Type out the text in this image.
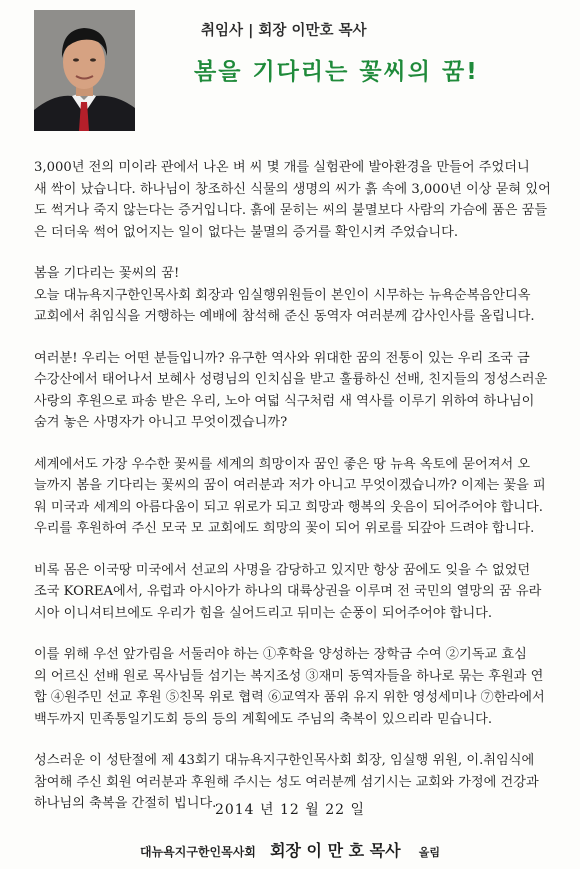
취임사 | 회장 이만호 목사
봄을 기다리는 꽃씨의 꿈!

3,000년 전의 미이라 관에서 나온 벼 씨 몇 개를 실험관에 발아환경을 만들어 주었더니
새 싹이 났습니다. 하나님이 창조하신 식물의 생명의 씨가 흙 속에 3,000년 이상 묻혀 있어
도 썩거나 죽지 않는다는 증거입니다. 흙에 묻히는 씨의 불멸보다 사람의 가슴에 품은 꿈들
은 더더욱 썩어 없어지는 일이 없다는 불멸의 증거를 확인시켜 주었습니다.

봄을 기다리는 꽃씨의 꿈!
오늘 대뉴욕지구한인목사회 회장과 임실행위원들이 본인이 시무하는 뉴욕순복음안디옥
교회에서 취임식을 거행하는 예배에 참석해 준신 동역자 여러분께 감사인사를 올립니다.

여러분! 우리는 어떤 분들입니까? 유구한 역사와 위대한 꿈의 전통이 있는 우리 조국 금
수강산에서 태어나서 보혜사 성령님의 인치심을 받고 훌륭하신 선배, 친지들의 정성스러운
사랑의 후원으로 파송 받은 우리, 노아 여덟 식구처럼 새 역사를 이루기 위하여 하나님이
숨겨 놓은 사명자가 아니고 무엇이겠습니까?

세계에서도 가장 우수한 꽃씨를 세계의 희망이자 꿈인 좋은 땅 뉴욕 옥토에 묻어져서 오
늘까지 봄을 기다리는 꽃씨의 꿈이 여러분과 저가 아니고 무엇이겠습니까? 이제는 꽃을 피
워 미국과 세계의 아름다움이 되고 위로가 되고 희망과 행복의 웃음이 되어주어야 합니다.
우리를 후원하여 주신 모국 모 교회에도 희망의 꽃이 되어 위로를 되갚아 드려야 합니다.

비록 몸은 이국땅 미국에서 선교의 사명을 감당하고 있지만 항상 꿈에도 잊을 수 없었던
조국 KOREA에서, 유럽과 아시아가 하나의 대륙상권을 이루며 전 국민의 열망의 꿈 유라
시아 이니셔티브에도 우리가 힘을 실어드리고 뒤미는 순풍이 되어주어야 합니다.

이를 위해 우선 앞가림을 서둘러야 하는 ①후학을 양성하는 장학금 수여 ②기독교 효심
의 어르신 선배 원로 목사님들 섬기는 복지조성 ③재미 동역자들을 하나로 묶는 후원과 연
합 ④원주민 선교 후원 ⑤친목 위로 협력 ⑥교역자 품위 유지 위한 영성세미나 ⑦한라에서
백두까지 민족통일기도회 등의 등의 계획에도 주님의 축복이 있으리라 믿습니다.

성스러운 이 성탄절에 제 43회기 대뉴욕지구한인목사회 회장, 임실행 위원, 이.취임식에
참여해 주신 회원 여러분과 후원해 주시는 성도 여러분께 섬기시는 교회와 가정에 건강과
하나님의 축복을 간절히 빕니다.

2014 년 12 월 22 일
대뉴욕지구한인목사회 회장 이 만 호 목사 올림
